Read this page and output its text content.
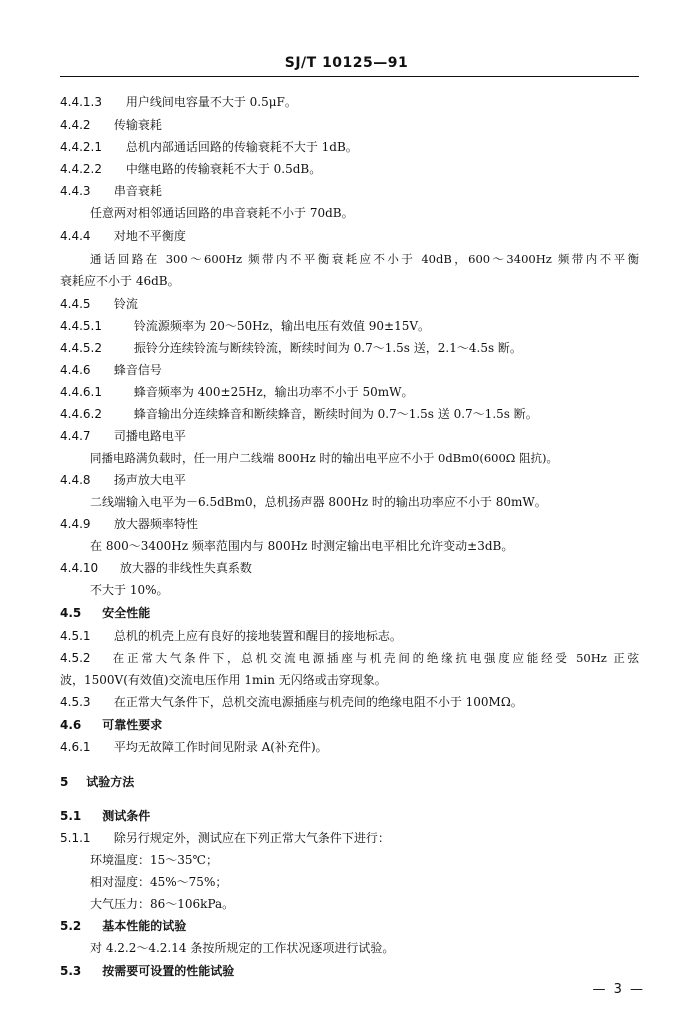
SJ/T 10125—91
4.4.1.3 用户线间电容量不大于 0.5μF。
4.4.2 传输衰耗
4.4.2.1 总机内部通话回路的传输衰耗不大于 1dB。
4.4.2.2 中继电路的传输衰耗不大于 0.5dB。
4.4.3 串音衰耗
任意两对相邻通话回路的串音衰耗不小于 70dB。
4.4.4 对地不平衡度
通话回路在 300～600Hz 频带内不平衡衰耗应不小于 40dB，600～3400Hz 频带内不平衡
衰耗应不小于 46dB。
4.4.5 铃流
4.4.5.1	铃流源频率为 20～50Hz，输出电压有效值 90±15V。
4.4.5.2	振铃分连续铃流与断续铃流，断续时间为 0.7～1.5s 送，2.1～4.5s 断。
4.4.6 蜂音信号
4.4.6.1	蜂音频率为 400±25Hz，输出功率不小于 50mW。
4.4.6.2	蜂音输出分连续蜂音和断续蜂音，断续时间为 0.7～1.5s 送 0.7～1.5s 断。
4.4.7 司播电路电平
同播电路满负载时，任一用户二线端 800Hz 时的输出电平应不小于 0dBm0(600Ω 阻抗)。
4.4.8 扬声放大电平
二线端输入电平为－6.5dBm0，总机扬声器 800Hz 时的输出功率应不小于 80mW。
4.4.9 放大器频率特性
在 800～3400Hz 频率范围内与 800Hz 时测定输出电平相比允许变动±3dB。
4.4.10 放大器的非线性失真系数
不大于 10%。
4.5 安全性能
4.5.1 总机的机壳上应有良好的接地装置和醒目的接地标志。
4.5.2 在正常大气条件下，总机交流电源插座与机壳间的绝缘抗电强度应能经受 50Hz 正弦
波，1500V(有效值)交流电压作用 1min 无闪络或击穿现象。
4.5.3 在正常大气条件下，总机交流电源插座与机壳间的绝缘电阻不小于 100MΩ。
4.6 可靠性要求
4.6.1 平均无故障工作时间见附录 A(补充件)。
5 试验方法
5.1 测试条件
5.1.1 除另行规定外，测试应在下列正常大气条件下进行：
环境温度：15～35℃；
相对湿度：45%～75%；
大气压力：86～106kPa。
5.2 基本性能的试验
对 4.2.2～4.2.14 条按所规定的工作状况逐项进行试验。
5.3 按需要可设置的性能试验
— 3 —
